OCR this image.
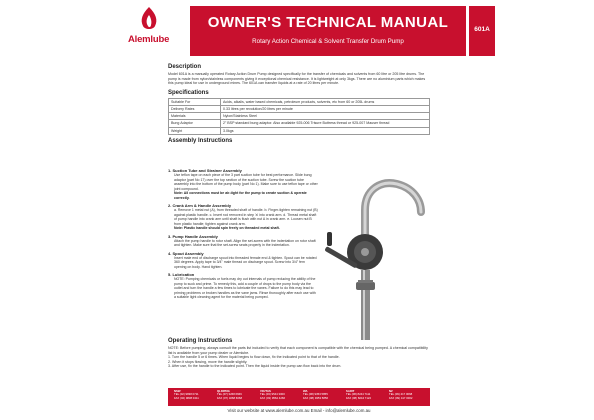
Alemlube
OWNER'S TECHNICAL MANUAL
Rotary Action Chemical & Solvent Transfer Drum Pump
601A
Description

Model 601A is a manually operated Rotary Action Drum Pump designed specifically for the transfer of chemicals and solvents from 60 litre or 205 litre drums. The pump is made from nylon/stainless components giving it exceptional chemical resistance. It is lightweight at only 3kgs. There are no aluminium parts which makes this pump ideal for use in underground mines. The 601A can transfer liquids at a rate of 20 litres per minute.

Specifications
Suitable For	Acids, alkalis, water based chemicals, petroleum products, solvents, etc from 60 or 205L drums
Delivery Rates	0.33 litres per revolution/20 litres per minute
Materials	Nylon/Stainless Steel
Bung Adaptor	2" BSP standard bung adaptor. Also available 925-006 Trisure Buttress thread or 925-007 Mauser thread
Weight	3.0kgs
Assembly Instructions
1. Suction Tube and Strainer Assembly
Use teflon tape on each piece of the 3 part suction tube for best performance. Slide bung adaptor (part No 17) over the top section of the suction tube. Screw the suction tube assembly into the bottom of the pump body (part No 1). Make sure to use teflon tape or other joint compound.
Note: All connections must be air-tight for the pump to create suction & operate correctly.
2. Crank Arm & Handle Assembly
a. Remove 1 metal nut (A), from threaded shaft of handle. b. Finger-tighten remaining nut (B) against plastic handle. c. Insert rod removed in step 'a' into crank arm. d. Thread metal shaft of pump handle into crank arm until shaft is flush with nut A in crank arm. e. Loosen nut B from plastic handle; tighten against crank arm.
Note: Plastic handle should spin freely on threaded metal shaft.
3. Pump Handle Assembly
Attach the pump handle to rotor shaft. Align the set-screw with the indentation on rotor shaft and tighten. Make sure that the set-screw seats properly in the indentation.
4. Spout Assembly
Insert male end of discharge spout into threaded female end & tighten. Spout can be rotated 360 degrees. Apply tape to 3/4" male thread on discharge spout. Screw into 3/4" fem opening on body. Hand tighten.
5. Lubrication
NOTE: Pumping chemicals or fuels may dry out internals of pump reducing the ability of the pump to suck and prime. To remedy this, add a couple of drops to the pump body via the outlet and turn the handle a few times to lubricate the vanes. Failure to do this may lead to priming problems or broken handles as the vane jams. Rinse thoroughly after each use with a suitable light cleaning agent for the material being pumped.
Operating Instructions

NOTE: Before pumping, always consult the parts list included to verify that each component is compatible with the chemical being pumped. A chemical compatibility list is available from your pump dealer or Alemlube.

1. Turn the handle 5 or 6 times. When liquid begins to flow down, fix the indicated point to that of the handle.

2. When it stops flowing, move the handle slightly.

3. After use, fix the handle to the indicated point. Then the liquid inside the pump can flow back into the drum.

NSW
TEL (02) 9838 0711
FAX (02) 9838 0411
QLD/PNG
TEL (07) 3268 6666
FAX (07) 3268 6668
VIC/TAS
TEL (03) 9544 3000
FAX (03) 9562 4266
WA
TEL (08) 9353 5855
FAX (08) 9353 5856
SA/NT
TEL (08) 8244 7111
FAX (08) 8244 7122
NZ
TEL (09) 417 0068
FAX (09) 417 0002
Visit our website at www.alemlube.com.au Email - info@alemlube.com.au
